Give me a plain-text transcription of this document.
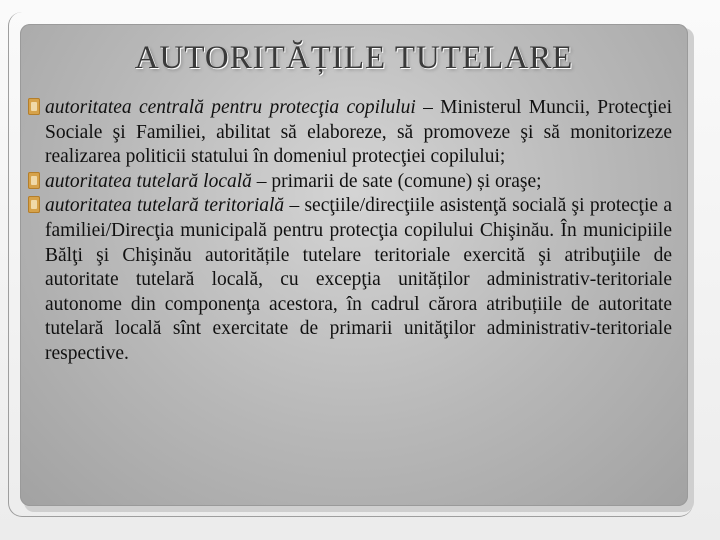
AUTORITĂȚILE TUTELARE

autoritatea centrală pentru protecţia copilului – Ministerul Muncii, Protecţiei Sociale şi Familiei, abilitat să elaboreze, să promoveze şi să monitorizeze realizarea politicii statului în domeniul protecţiei copilului;

autoritatea tutelară locală – primarii de sate (comune) și oraşe;

autoritatea tutelară teritorială – secţiile/direcţiile asistenţă socială şi protecţie a familiei/Direcţia municipală pentru protecţia copilului Chişinău. În municipiile Bălţi şi Chişinău autoritățile tutelare teritoriale exercită şi atribuţiile de autoritate tutelară locală, cu excepţia unităților administrativ-teritoriale autonome din componenţa acestora, în cadrul cărora atribuțiile de autoritate tutelară locală sînt exercitate de primarii unităţilor administrativ-teritoriale respective.
